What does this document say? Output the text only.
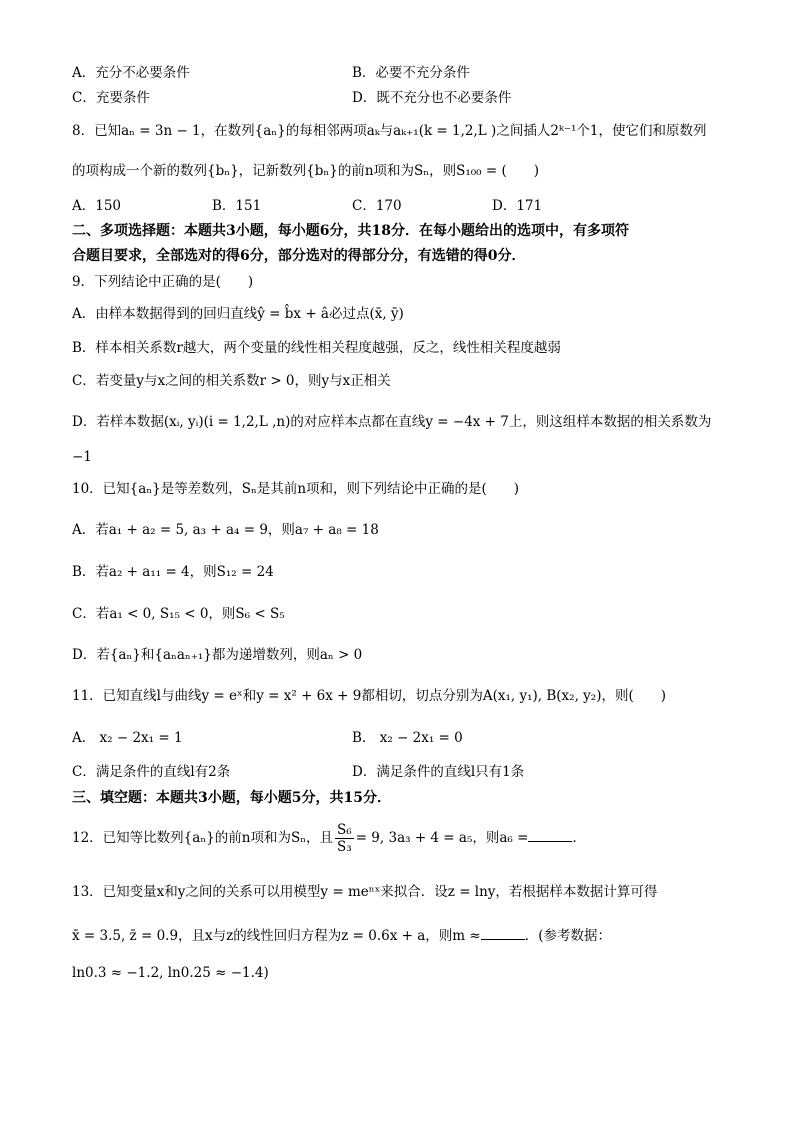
A．充分不必要条件	B．必要不充分条件
C．充要条件	D．既不充分也不必要条件
8．已知aₙ = 3n − 1，在数列{aₙ}的每相邻两项aₖ与aₖ₊₁(k = 1,2,L )之间插人2ᵏ⁻¹个1，使它们和原数列
的项构成一个新的数列{bₙ}，记新数列{bₙ}的前n项和为Sₙ，则S₁₀₀ = (　　)
A．150	B．151	C．170	D．171
二、多项选择题：本题共3小题，每小题6分，共18分．在每小题给出的选项中，有多项符
合题目要求，全部选对的得6分，部分选对的得部分分，有选错的得0分．
9．下列结论中正确的是(　　)
A．由样本数据得到的回归直线ŷ = b̂x + â必过点(x̄, ȳ)
B．样本相关系数r越大，两个变量的线性相关程度越强，反之，线性相关程度越弱
C．若变量y与x之间的相关系数r > 0，则y与x正相关
D．若样本数据(xᵢ, yᵢ)(i = 1,2,L ,n)的对应样本点都在直线y = −4x + 7上，则这组样本数据的相关系数为
−1
10．已知{aₙ}是等差数列，Sₙ是其前n项和，则下列结论中正确的是(　　)
A．若a₁ + a₂ = 5, a₃ + a₄ = 9，则a₇ + a₈ = 18
B．若a₂ + a₁₁ = 4，则S₁₂ = 24
C．若a₁ < 0, S₁₅ < 0，则S₆ < S₅
D．若{aₙ}和{aₙaₙ₊₁}都为递增数列，则aₙ > 0
11．已知直线l与曲线y = eˣ和y = x² + 6x + 9都相切，切点分别为A(x₁, y₁), B(x₂, y₂)，则(　　)
A． x₂ − 2x₁ = 1	B． x₂ − 2x₁ = 0
C．满足条件的直线l有2条	D．满足条件的直线l只有1条
三、填空题：本题共3小题，每小题5分，共15分．
12．已知等比数列{aₙ}的前n项和为Sₙ，且 $\frac{\text{S₆}}{\text{S₃}} = 9$, 3a₃ + 4 = a₅，则a₆ =	．
13．已知变量x和y之间的关系可以用模型y = meⁿˣ来拟合．设z = lny，若根据样本数据计算可得
x̄ = 3.5, z̄ = 0.9，且x与z的线性回归方程为z = 0.6x + a，则m ≈	．(参考数据：
ln0.3 ≈ −1.2, ln0.25 ≈ −1.4)
